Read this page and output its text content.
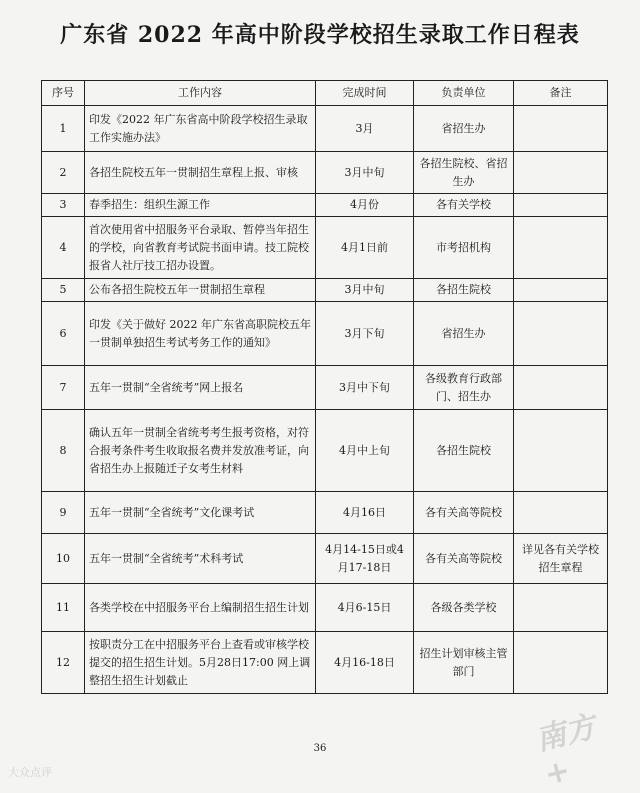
广东省 2022 年高中阶段学校招生录取工作日程表
序号	工作内容	完成时间	负责单位	备注
1	印发《2022 年广东省高中阶段学校招生录取工作实施办法》	3月	省招生办	
2	各招生院校五年一贯制招生章程上报、审核	3月中旬	各招生院校、省招生办	
3	春季招生：组织生源工作	4月份	各有关学校	
4	首次使用省中招服务平台录取、暂停当年招生的学校，向省教育考试院书面申请。技工院校报省人社厅技工招办设置。	4月1日前	市考招机构	
5	公布各招生院校五年一贯制招生章程	3月中旬	各招生院校	
6	印发《关于做好 2022 年广东省高职院校五年一贯制单独招生考试考务工作的通知》	3月下旬	省招生办	
7	五年一贯制“全省统考”网上报名	3月中下旬	各级教育行政部门、招生办	
8	确认五年一贯制全省统考考生报考资格，对符合报考条件考生收取报名费并发放准考证，向省招生办上报随迁子女考生材料	4月中上旬	各招生院校	
9	五年一贯制“全省统考”文化课考试	4月16日	各有关高等院校	
10	五年一贯制“全省统考”术科考试	4月14-15日或4月17-18日	各有关高等院校	详见各有关学校招生章程
11	各类学校在中招服务平台上编制招生招生计划	4月6-15日	各级各类学校	
12	按职责分工在中招服务平台上查看或审核学校提交的招生招生计划。5月28日17:00 网上调整招生招生计划截止	4月16-18日	招生计划审核主管部门	
36
大众点评
南方+
